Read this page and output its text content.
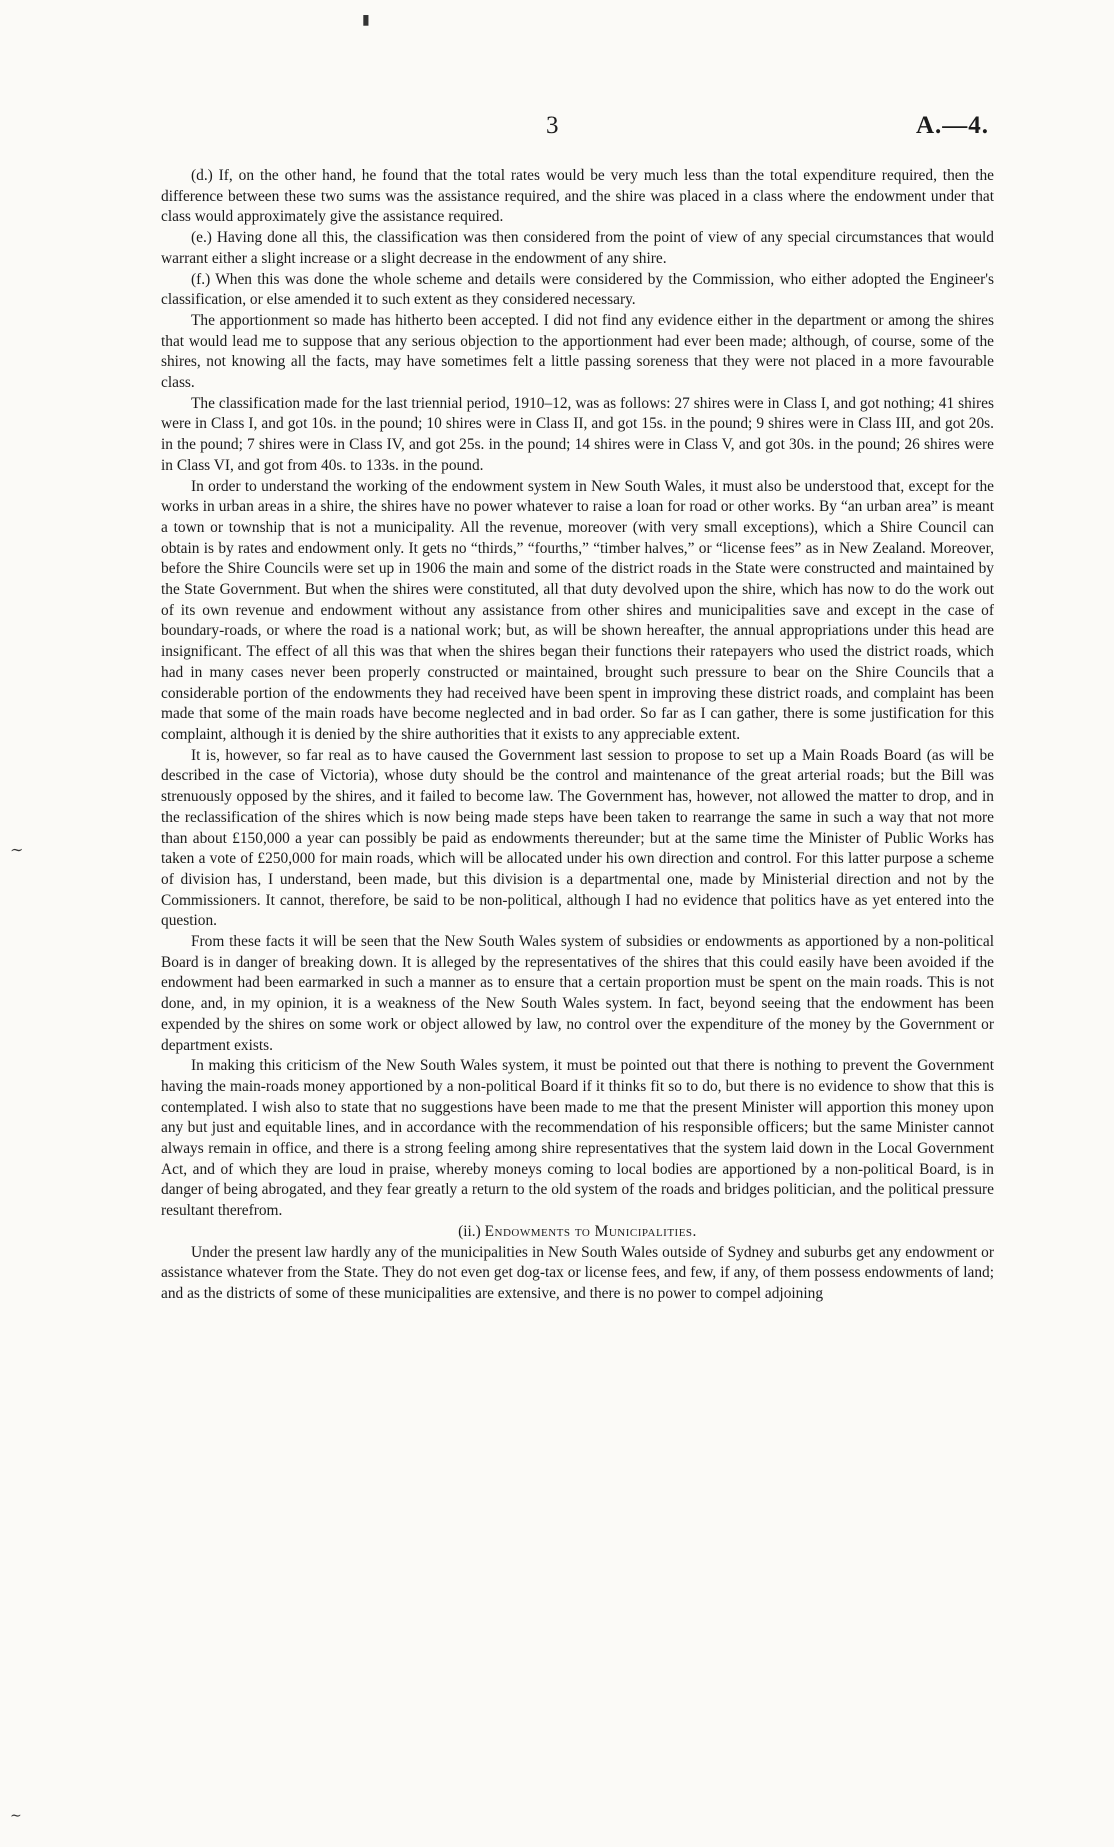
3	A.—4.

(d.) If, on the other hand, he found that the total rates would be very much less than the total expenditure required, then the difference between these two sums was the assistance required, and the shire was placed in a class where the endowment under that class would approximately give the assistance required.

(e.) Having done all this, the classification was then considered from the point of view of any special circumstances that would warrant either a slight increase or a slight decrease in the endowment of any shire.

(f.) When this was done the whole scheme and details were considered by the Commission, who either adopted the Engineer's classification, or else amended it to such extent as they considered necessary.

The apportionment so made has hitherto been accepted. I did not find any evidence either in the department or among the shires that would lead me to suppose that any serious objection to the apportionment had ever been made; although, of course, some of the shires, not knowing all the facts, may have sometimes felt a little passing soreness that they were not placed in a more favourable class.

The classification made for the last triennial period, 1910–12, was as follows: 27 shires were in Class I, and got nothing; 41 shires were in Class I, and got 10s. in the pound; 10 shires were in Class II, and got 15s. in the pound; 9 shires were in Class III, and got 20s. in the pound; 7 shires were in Class IV, and got 25s. in the pound; 14 shires were in Class V, and got 30s. in the pound; 26 shires were in Class VI, and got from 40s. to 133s. in the pound.

In order to understand the working of the endowment system in New South Wales, it must also be understood that, except for the works in urban areas in a shire, the shires have no power whatever to raise a loan for road or other works. By “an urban area” is meant a town or township that is not a municipality. All the revenue, moreover (with very small exceptions), which a Shire Council can obtain is by rates and endowment only. It gets no “thirds,” “fourths,” “timber halves,” or “license fees” as in New Zealand. Moreover, before the Shire Councils were set up in 1906 the main and some of the district roads in the State were constructed and maintained by the State Government. But when the shires were constituted, all that duty devolved upon the shire, which has now to do the work out of its own revenue and endowment without any assistance from other shires and municipalities save and except in the case of boundary-roads, or where the road is a national work; but, as will be shown hereafter, the annual appropriations under this head are insignificant. The effect of all this was that when the shires began their functions their ratepayers who used the district roads, which had in many cases never been properly constructed or maintained, brought such pressure to bear on the Shire Councils that a considerable portion of the endowments they had received have been spent in improving these district roads, and complaint has been made that some of the main roads have become neglected and in bad order. So far as I can gather, there is some justification for this complaint, although it is denied by the shire authorities that it exists to any appreciable extent.

It is, however, so far real as to have caused the Government last session to propose to set up a Main Roads Board (as will be described in the case of Victoria), whose duty should be the control and maintenance of the great arterial roads; but the Bill was strenuously opposed by the shires, and it failed to become law. The Government has, however, not allowed the matter to drop, and in the reclassification of the shires which is now being made steps have been taken to rearrange the same in such a way that not more than about £150,000 a year can possibly be paid as endowments thereunder; but at the same time the Minister of Public Works has taken a vote of £250,000 for main roads, which will be allocated under his own direction and control. For this latter purpose a scheme of division has, I understand, been made, but this division is a departmental one, made by Ministerial direction and not by the Commissioners. It cannot, therefore, be said to be non-political, although I had no evidence that politics have as yet entered into the question.

From these facts it will be seen that the New South Wales system of subsidies or endowments as apportioned by a non-political Board is in danger of breaking down. It is alleged by the representatives of the shires that this could easily have been avoided if the endowment had been earmarked in such a manner as to ensure that a certain proportion must be spent on the main roads. This is not done, and, in my opinion, it is a weakness of the New South Wales system. In fact, beyond seeing that the endowment has been expended by the shires on some work or object allowed by law, no control over the expenditure of the money by the Government or department exists.

In making this criticism of the New South Wales system, it must be pointed out that there is nothing to prevent the Government having the main-roads money apportioned by a non-political Board if it thinks fit so to do, but there is no evidence to show that this is contemplated. I wish also to state that no suggestions have been made to me that the present Minister will apportion this money upon any but just and equitable lines, and in accordance with the recommendation of his responsible officers; but the same Minister cannot always remain in office, and there is a strong feeling among shire representatives that the system laid down in the Local Government Act, and of which they are loud in praise, whereby moneys coming to local bodies are apportioned by a non-political Board, is in danger of being abrogated, and they fear greatly a return to the old system of the roads and bridges politician, and the political pressure resultant therefrom.

(ii.) Endowments to Municipalities.

Under the present law hardly any of the municipalities in New South Wales outside of Sydney and suburbs get any endowment or assistance whatever from the State. They do not even get dog-tax or license fees, and few, if any, of them possess endowments of land; and as the districts of some of these municipalities are extensive, and there is no power to compel adjoining

▮
∼
∼
